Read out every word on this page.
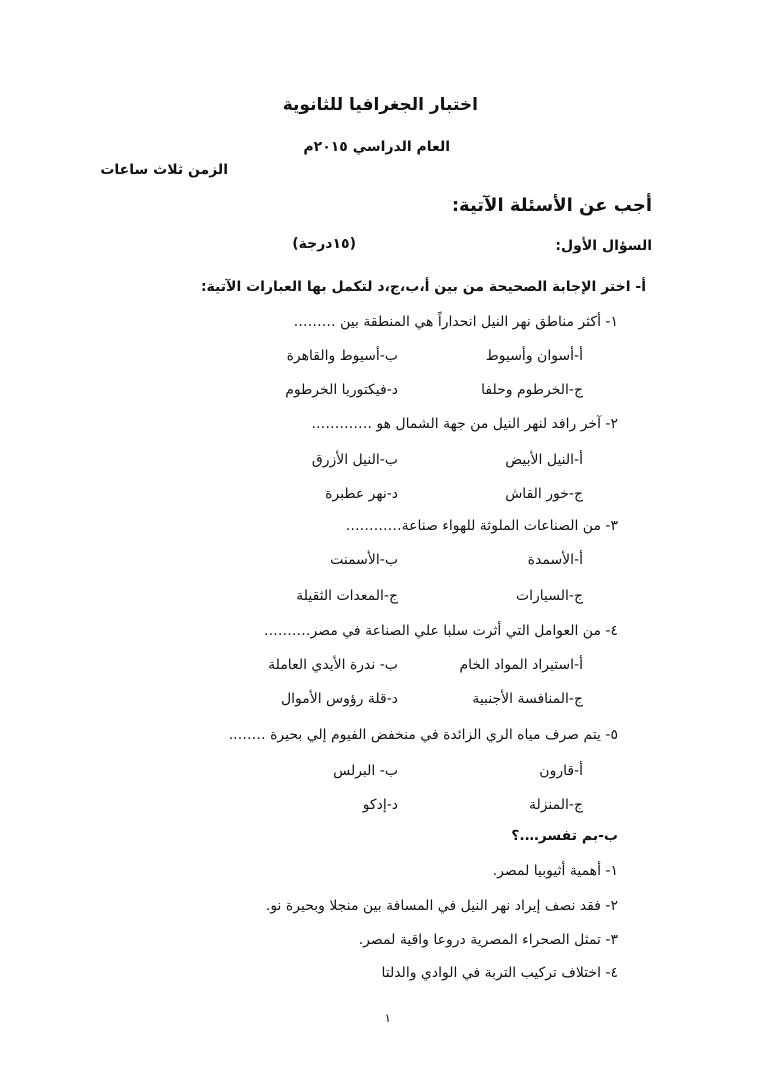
اختبار الجغرافيا للثانوية
العام الدراسي ٢٠١٥م
الزمن ثلاث ساعات
أجب عن الأسئلة الآتية:
السؤال الأول:
(١٥درجة)
أ- اختر الإجابة الصحيحة من بين أ،ب،ج،د لتكمل بها العبارات الآتية:
١- أكثر مناطق نهر النيل انحداراً هي المنطقة بين ………
أ-أسوان وأسيوط
ب-أسيوط والقاهرة
ج-الخرطوم وحلفا
د-فيكتوريا الخرطوم
٢- آخر رافد لنهر النيل من جهة الشمال هو ………….
أ-النيل الأبيض
ب-النيل الأزرق
ج-خور القاش
د-نهر عطبرة
٣- من الصناعات الملوثة للهواء صناعة…………
أ-الأسمدة
ب-الأسمنت
ج-السيارات
ج-المعدات الثقيلة
٤- من العوامل التي أثرت سلبا علي الصناعة في مصر……….
أ-استيراد المواد الخام
ب- ندرة الأيدي العاملة
ج-المنافسة الأجنبية
د-قلة رؤوس الأموال
٥- يتم صرف مياه الري الزائدة في منخفض الفيوم إلي بحيرة ……..
أ-قارون
ب- البرلس
ج-المنزلة
د-إدكو
ب-بم تفسر….؟
١- أهمية أثيوبيا لمصر.
٢- فقد نصف إيراد نهر النيل في المسافة بين منجلا وبحيرة نو.
٣- تمثل الصحراء المصرية دروعا واقية لمصر.
٤- اختلاف تركيب التربة في الوادي والدلتا
١
